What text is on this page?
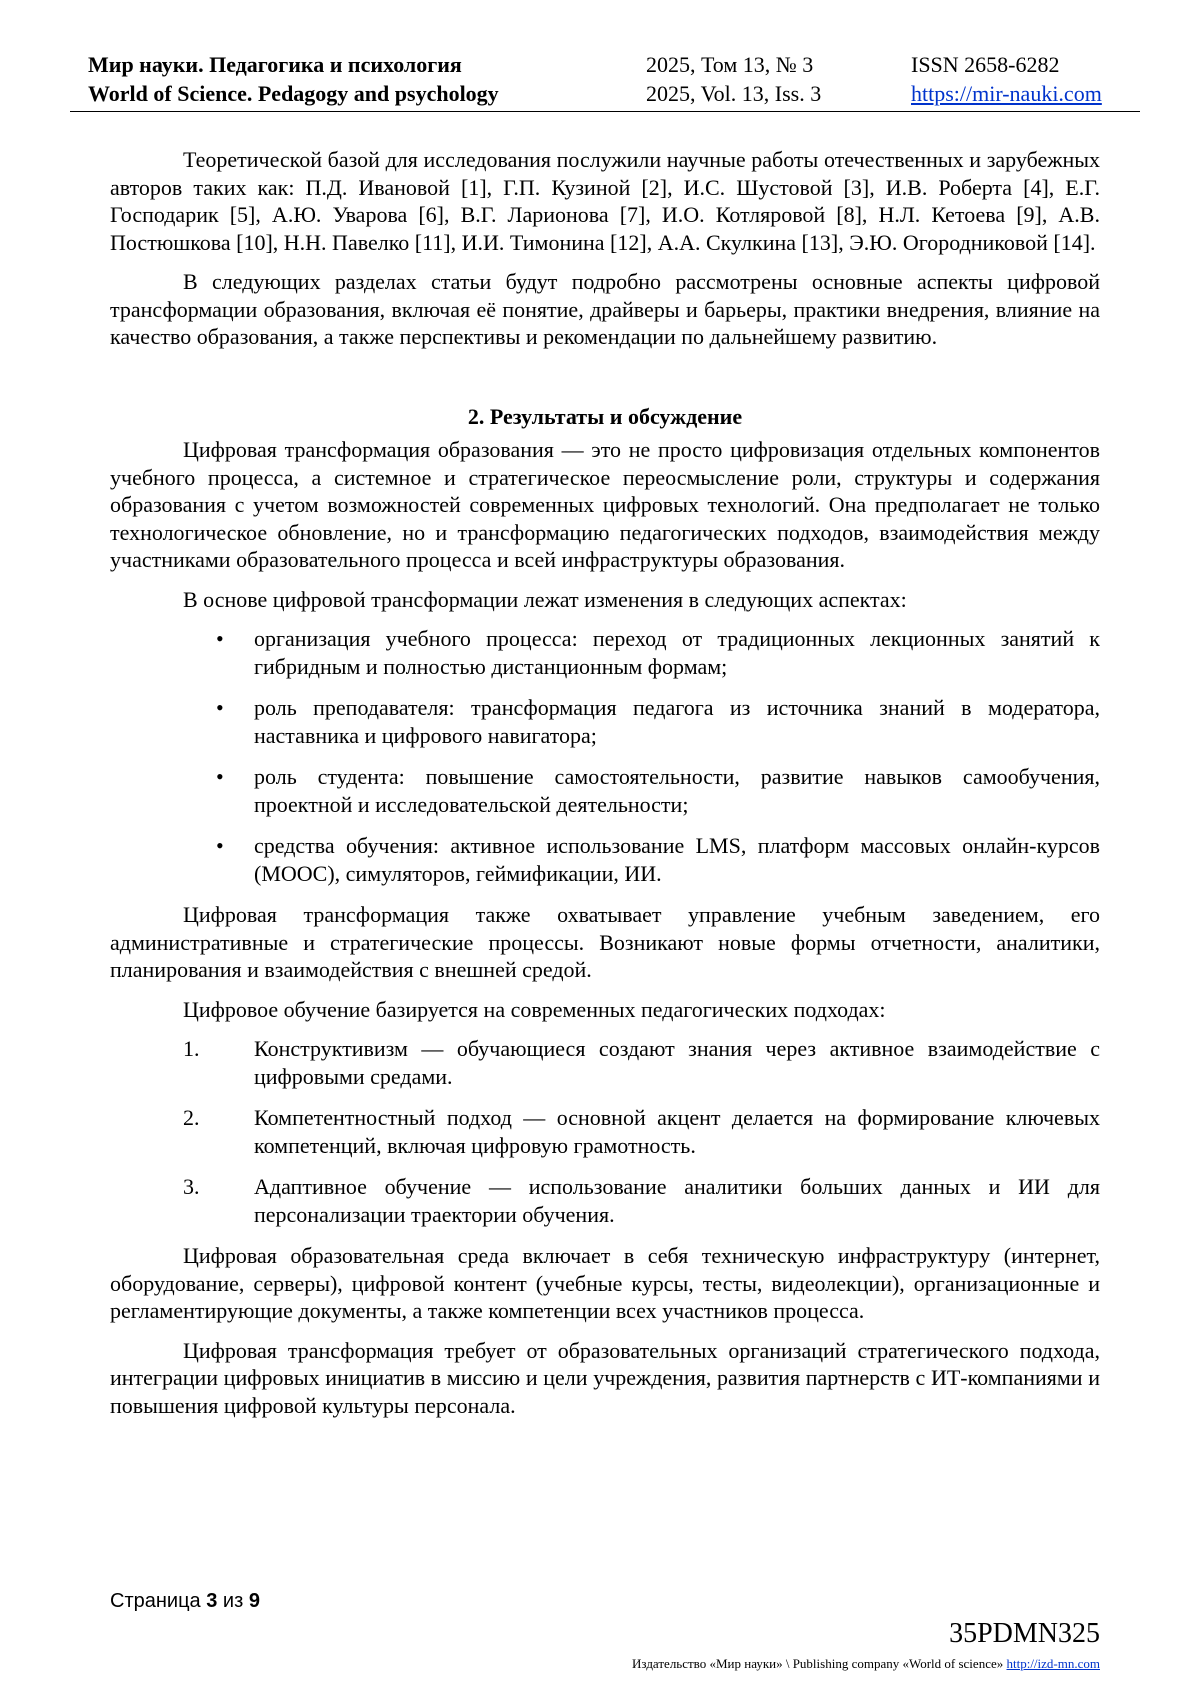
Мир науки. Педагогика и психология
World of Science. Pedagogy and psychology
2025, Том 13, № 3
2025, Vol. 13, Iss. 3
ISSN 2658-6282
https://mir-nauki.com

Теоретической базой для исследования послужили научные работы отечественных и зарубежных авторов таких как: П.Д. Ивановой [1], Г.П. Кузиной [2], И.С. Шустовой [3], И.В. Роберта [4], Е.Г. Господарик [5], А.Ю. Уварова [6], В.Г. Ларионова [7], И.О. Котляровой [8], Н.Л. Кетоева [9], А.В. Постюшкова [10], Н.Н. Павелко [11], И.И. Тимонина [12], А.А. Скулкина [13], Э.Ю. Огородниковой [14].

В следующих разделах статьи будут подробно рассмотрены основные аспекты цифровой трансформации образования, включая её понятие, драйверы и барьеры, практики внедрения, влияние на качество образования, а также перспективы и рекомендации по дальнейшему развитию.

2. Результаты и обсуждение

Цифровая трансформация образования — это не просто цифровизация отдельных компонентов учебного процесса, а системное и стратегическое переосмысление роли, структуры и содержания образования с учетом возможностей современных цифровых технологий. Она предполагает не только технологическое обновление, но и трансформацию педагогических подходов, взаимодействия между участниками образовательного процесса и всей инфраструктуры образования.

В основе цифровой трансформации лежат изменения в следующих аспектах:

• организация учебного процесса: переход от традиционных лекционных занятий к гибридным и полностью дистанционным формам;
• роль преподавателя: трансформация педагога из источника знаний в модератора, наставника и цифрового навигатора;
• роль студента: повышение самостоятельности, развитие навыков самообучения, проектной и исследовательской деятельности;
• средства обучения: активное использование LMS, платформ массовых онлайн-курсов (MOOC), симуляторов, геймификации, ИИ.

Цифровая трансформация также охватывает управление учебным заведением, его административные и стратегические процессы. Возникают новые формы отчетности, аналитики, планирования и взаимодействия с внешней средой.

Цифровое обучение базируется на современных педагогических подходах:

1. Конструктивизм — обучающиеся создают знания через активное взаимодействие с цифровыми средами.
2. Компетентностный подход — основной акцент делается на формирование ключевых компетенций, включая цифровую грамотность.
3. Адаптивное обучение — использование аналитики больших данных и ИИ для персонализации траектории обучения.

Цифровая образовательная среда включает в себя техническую инфраструктуру (интернет, оборудование, серверы), цифровой контент (учебные курсы, тесты, видеолекции), организационные и регламентирующие документы, а также компетенции всех участников процесса.

Цифровая трансформация требует от образовательных организаций стратегического подхода, интеграции цифровых инициатив в миссию и цели учреждения, развития партнерств с ИТ-компаниями и повышения цифровой культуры персонала.

Страница 3 из 9
35PDMN325
Издательство «Мир науки» \ Publishing company «World of science» http://izd-mn.com
